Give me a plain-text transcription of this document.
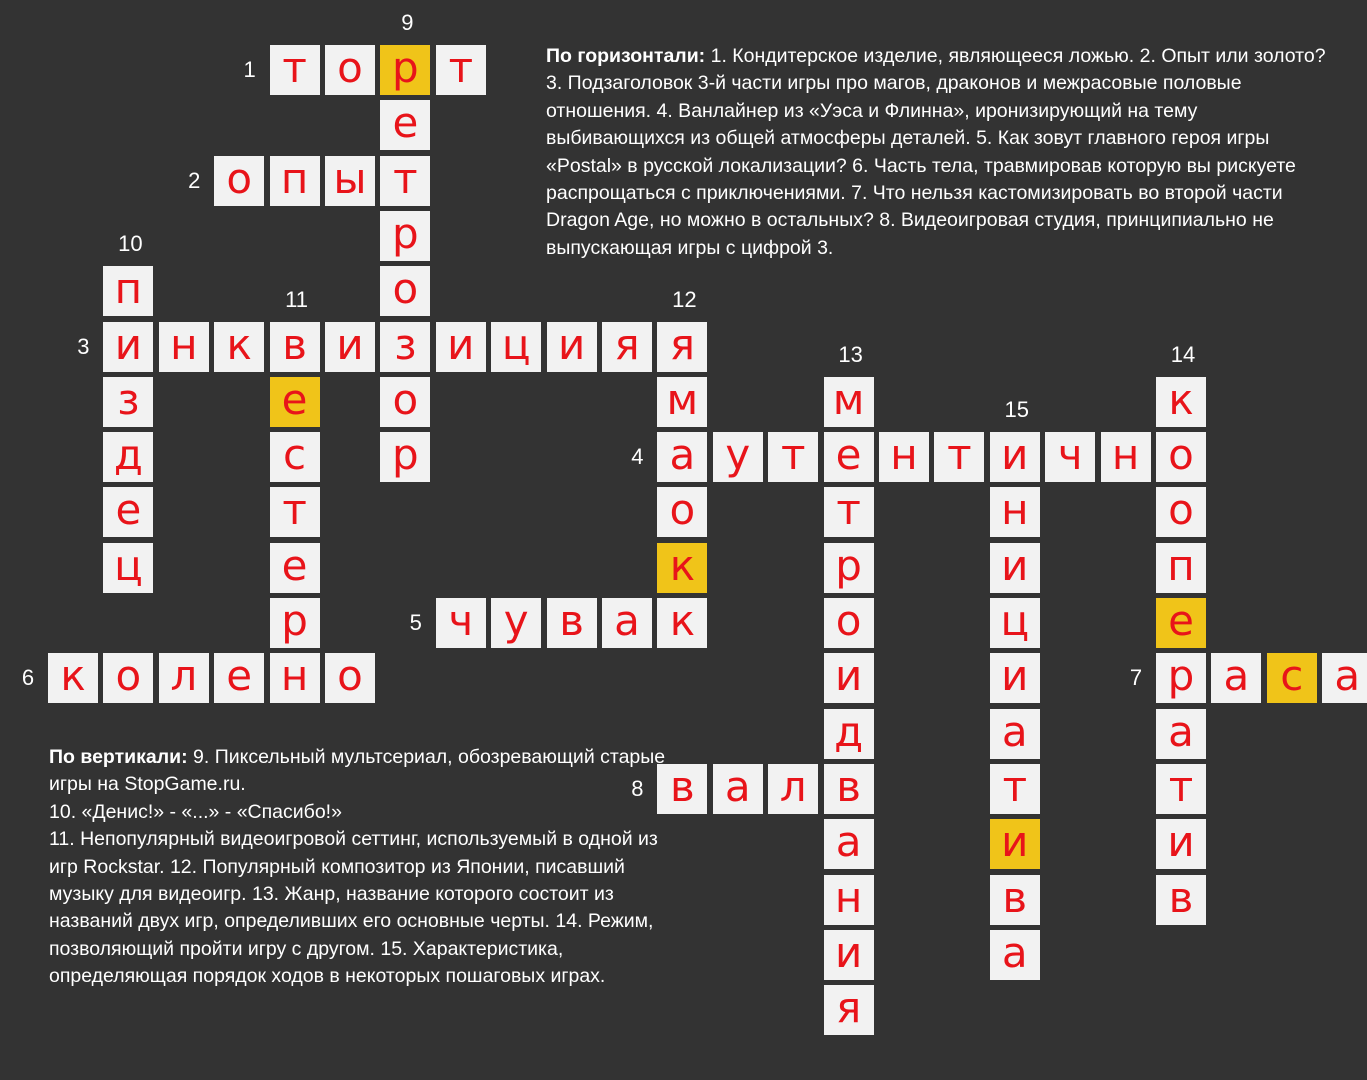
т о р т
о п ы т
и н к в и з и ц и я
а у т е н т и ч н о
ч у в а к
к о л е н о	р а с а
в а л в
е
р
о
о
р
п
з
д
е
ц
е
с
т
е
р
я
м
о
к
м
т
р
о
и
д
а
н
и
я
к
о
п
е
а
т
и
в
н
и
ц
и
а
т
и
в
а
1
2
3
4
5
6	7
8
9
10
11	12
13	14
15
По горизонтали: 1. Кондитерское изделие, являющееся ложью. 2. Опыт или золото? 3. Подзаголовок 3-й части игры про магов, драконов и межрасовые половые отношения. 4. Ванлайнер из «Уэса и Флинна», иронизирующий на тему выбивающихся из общей атмосферы деталей. 5. Как зовут главного героя игры «Postal» в русской локализации? 6. Часть тела, травмировав которую вы рискуете распрощаться с приключениями. 7. Что нельзя кастомизировать во второй части Dragon Age, но можно в остальных? 8. Видеоигровая студия, принципиально не выпускающая игры с цифрой 3.
По вертикали: 9. Пиксельный мультсериал, обозревающий старые игры на StopGame.ru.
10. «Денис!» - «...» - «Спасибо!»
11. Непопулярный видеоигровой сеттинг, используемый в одной из игр Rockstar. 12. Популярный композитор из Японии, писавший музыку для видеоигр. 13. Жанр, название которого состоит из названий двух игр, определивших его основные черты. 14. Режим, позволяющий пройти игру с другом. 15. Характеристика, определяющая порядок ходов в некоторых пошаговых играх.
